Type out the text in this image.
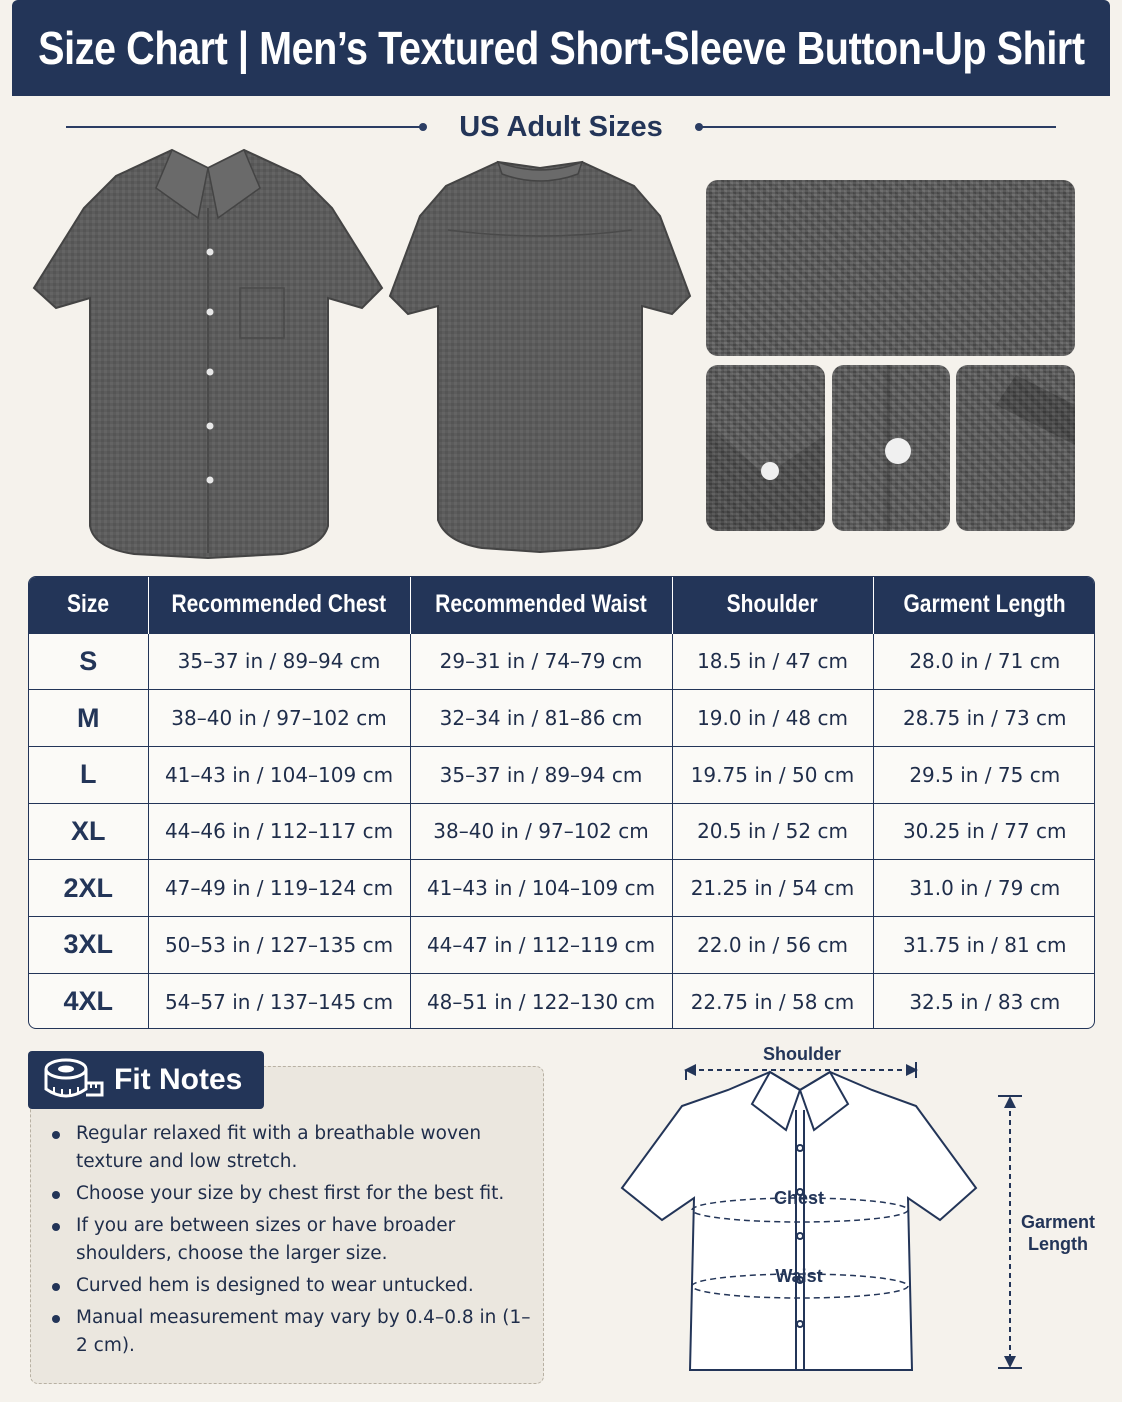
Size Chart | Men’s Textured Short-Sleeve Button-Up Shirt
US Adult Sizes
Size	Recommended Chest	Recommended Waist	Shoulder	Garment Length
S	35–37 in / 89–94 cm	29–31 in / 74–79 cm	18.5 in / 47 cm	28.0 in / 71 cm
M	38–40 in / 97–102 cm	32–34 in / 81–86 cm	19.0 in / 48 cm	28.75 in / 73 cm
L	41–43 in / 104–109 cm	35–37 in / 89–94 cm	19.75 in / 50 cm	29.5 in / 75 cm
XL	44–46 in / 112–117 cm	38–40 in / 97–102 cm	20.5 in / 52 cm	30.25 in / 77 cm
2XL	47–49 in / 119–124 cm	41–43 in / 104–109 cm	21.25 in / 54 cm	31.0 in / 79 cm
3XL	50–53 in / 127–135 cm	44–47 in / 112–119 cm	22.0 in / 56 cm	31.75 in / 81 cm
4XL	54–57 in / 137–145 cm	48–51 in / 122–130 cm	22.75 in / 58 cm	32.5 in / 83 cm
Fit Notes
Regular relaxed fit with a breathable woven texture and low stretch.
Choose your size by chest first for the best fit.
If you are between sizes or have broader shoulders, choose the larger size.
Curved hem is designed to wear untucked.
Manual measurement may vary by 0.4–0.8 in (1–2 cm).
Shoulder
Chest
Waist
Garment
Length
